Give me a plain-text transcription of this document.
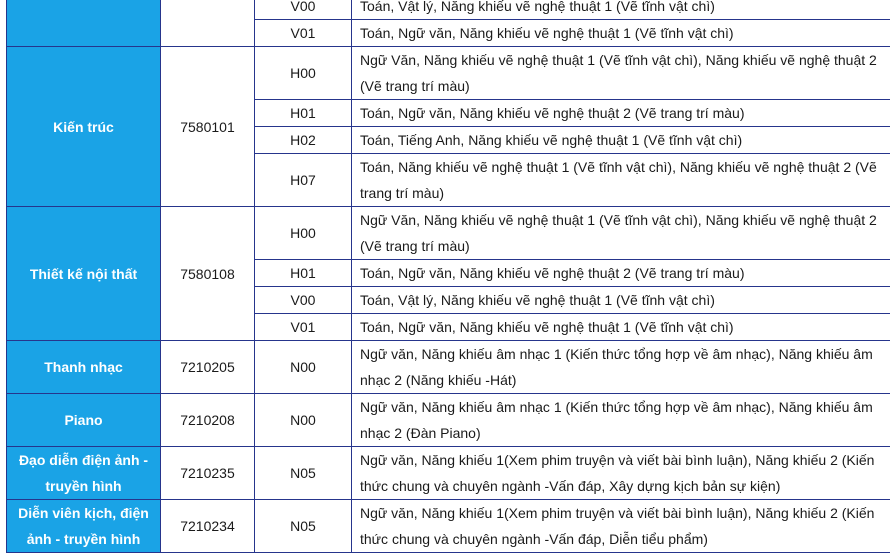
		V00	Toán, Vật lý, Năng khiếu vẽ nghệ thuật 1 (Vẽ tĩnh vật chì)
		V01	Toán, Ngữ văn, Năng khiếu vẽ nghệ thuật 1 (Vẽ tĩnh vật chì)
Kiến trúc	7580101	H00	Ngữ Văn, Năng khiếu vẽ nghệ thuật 1 (Vẽ tĩnh vật chì), Năng khiếu vẽ nghệ thuật 2 (Vẽ trang trí màu)
		H01	Toán, Ngữ văn, Năng khiếu vẽ nghệ thuật 2 (Vẽ trang trí màu)
		H02	Toán, Tiếng Anh, Năng khiếu vẽ nghệ thuật 1 (Vẽ tĩnh vật chì)
		H07	Toán, Năng khiếu vẽ nghệ thuật 1 (Vẽ tĩnh vật chì), Năng khiếu vẽ nghệ thuật 2 (Vẽ trang trí màu)
Thiết kế nội thất	7580108	H00	Ngữ Văn, Năng khiếu vẽ nghệ thuật 1 (Vẽ tĩnh vật chì), Năng khiếu vẽ nghệ thuật 2 (Vẽ trang trí màu)
		H01	Toán, Ngữ văn, Năng khiếu vẽ nghệ thuật 2 (Vẽ trang trí màu)
		V00	Toán, Vật lý, Năng khiếu vẽ nghệ thuật 1 (Vẽ tĩnh vật chì)
		V01	Toán, Ngữ văn, Năng khiếu vẽ nghệ thuật 1 (Vẽ tĩnh vật chì)
Thanh nhạc	7210205	N00	Ngữ văn, Năng khiếu âm nhạc 1 (Kiến thức tổng hợp về âm nhạc), Năng khiếu âm nhạc 2 (Năng khiếu -Hát)
Piano	7210208	N00	Ngữ văn, Năng khiếu âm nhạc 1 (Kiến thức tổng hợp về âm nhạc), Năng khiếu âm nhạc 2 (Đàn Piano)
Đạo diễn điện ảnh - truyền hình	7210235	N05	Ngữ văn, Năng khiếu 1(Xem phim truyện và viết bài bình luận), Năng khiếu 2 (Kiến thức chung và chuyên ngành -Vấn đáp, Xây dựng kịch bản sự kiện)
Diễn viên kịch, điện ảnh - truyền hình	7210234	N05	Ngữ văn, Năng khiếu 1(Xem phim truyện và viết bài bình luận), Năng khiếu 2 (Kiến thức chung và chuyên ngành -Vấn đáp, Diễn tiểu phẩm)
